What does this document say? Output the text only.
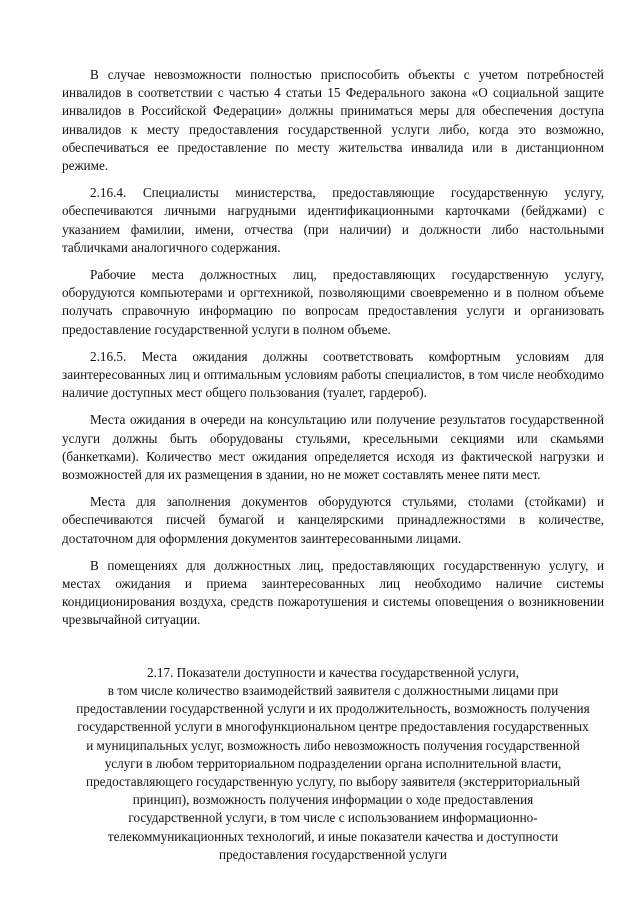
В случае невозможности полностью приспособить объекты с учетом потребностей инвалидов в соответствии с частью 4 статьи 15 Федерального закона «О социальной защите инвалидов в Российской Федерации» должны приниматься меры для обеспечения доступа инвалидов к месту предоставления государственной услуги либо, когда это возможно, обеспечиваться ее предоставление по месту жительства инвалида или в дистанционном режиме.

2.16.4. Специалисты министерства, предоставляющие государственную услугу, обеспечиваются личными нагрудными идентификационными карточками (бейджами) с указанием фамилии, имени, отчества (при наличии) и должности либо настольными табличками аналогичного содержания.

Рабочие места должностных лиц, предоставляющих государственную услугу, оборудуются компьютерами и оргтехникой, позволяющими своевременно и в полном объеме получать справочную информацию по вопросам предоставления услуги и организовать предоставление государственной услуги в полном объеме.

2.16.5. Места ожидания должны соответствовать комфортным условиям для заинтересованных лиц и оптимальным условиям работы специалистов, в том числе необходимо наличие доступных мест общего пользования (туалет, гардероб).

Места ожидания в очереди на консультацию или получение результатов государственной услуги должны быть оборудованы стульями, кресельными секциями или скамьями (банкетками). Количество мест ожидания определяется исходя из фактической нагрузки и возможностей для их размещения в здании, но не может составлять менее пяти мест.

Места для заполнения документов оборудуются стульями, столами (стойками) и обеспечиваются писчей бумагой и канцелярскими принадлежностями в количестве, достаточном для оформления документов заинтересованными лицами.

В помещениях для должностных лиц, предоставляющих государственную услугу, и местах ожидания и приема заинтересованных лиц необходимо наличие системы кондиционирования воздуха, средств пожаротушения и системы оповещения о возникновении чрезвычайной ситуации.

2.17. Показатели доступности и качества государственной услуги,
в том числе количество взаимодействий заявителя с должностными лицами при
предоставлении государственной услуги и их продолжительность, возможность получения
государственной услуги в многофункциональном центре предоставления государственных
и муниципальных услуг, возможность либо невозможность получения государственной
услуги в любом территориальном подразделении органа исполнительной власти,
предоставляющего государственную услугу, по выбору заявителя (экстерриториальный
принцип), возможность получения информации о ходе предоставления
государственной услуги, в том числе с использованием информационно-
телекоммуникационных технологий, и иные показатели качества и доступности
предоставления государственной услуги
